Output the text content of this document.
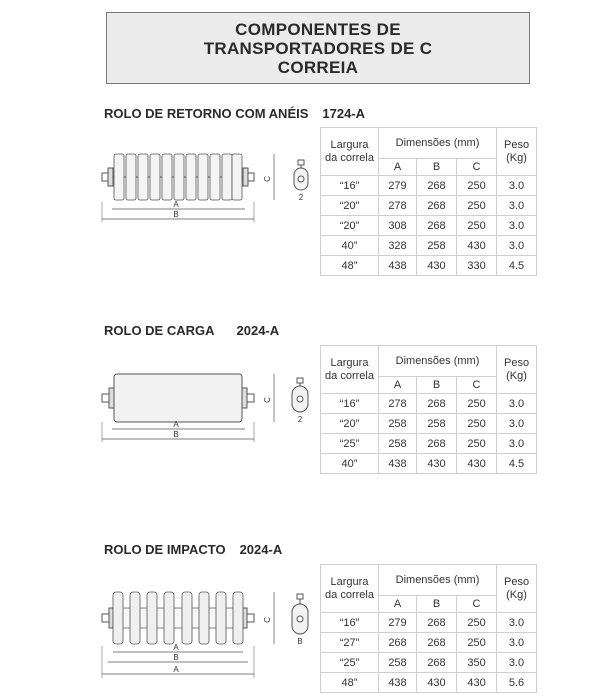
COMPONENTES DE
TRANSPORTADORES DE C
CORREIA
ROLO DE RETORNO COM ANÉIS 1724-A
A
B
C
2
Largura
da correla	Dimensões (mm)			Peso
(Kg)
	A	B	C	
“16”	279	268	250	3.0
“20”	278	268	250	3.0
“20”	308	268	250	3.0
40”	328	258	430	3.0
48”	438	430	330	4.5
ROLO DE CARGA 2024-A
A
B
C
2
Largura
da correla	Dimensões (mm)			Peso
(Kg)
	A	B	C	
“16”	278	268	250	3.0
“20”	258	258	250	3.0
“25”	258	268	250	3.0
40”	438	430	430	4.5
ROLO DE IMPACTO 2024-A
A
B
A
C
B
Largura
da correla	Dimensões (mm)			Peso
(Kg)
	A	B	C	
“16”	279	268	250	3.0
“27”	268	268	250	3.0
“25”	258	268	350	3.0
48”	438	430	430	5.6
